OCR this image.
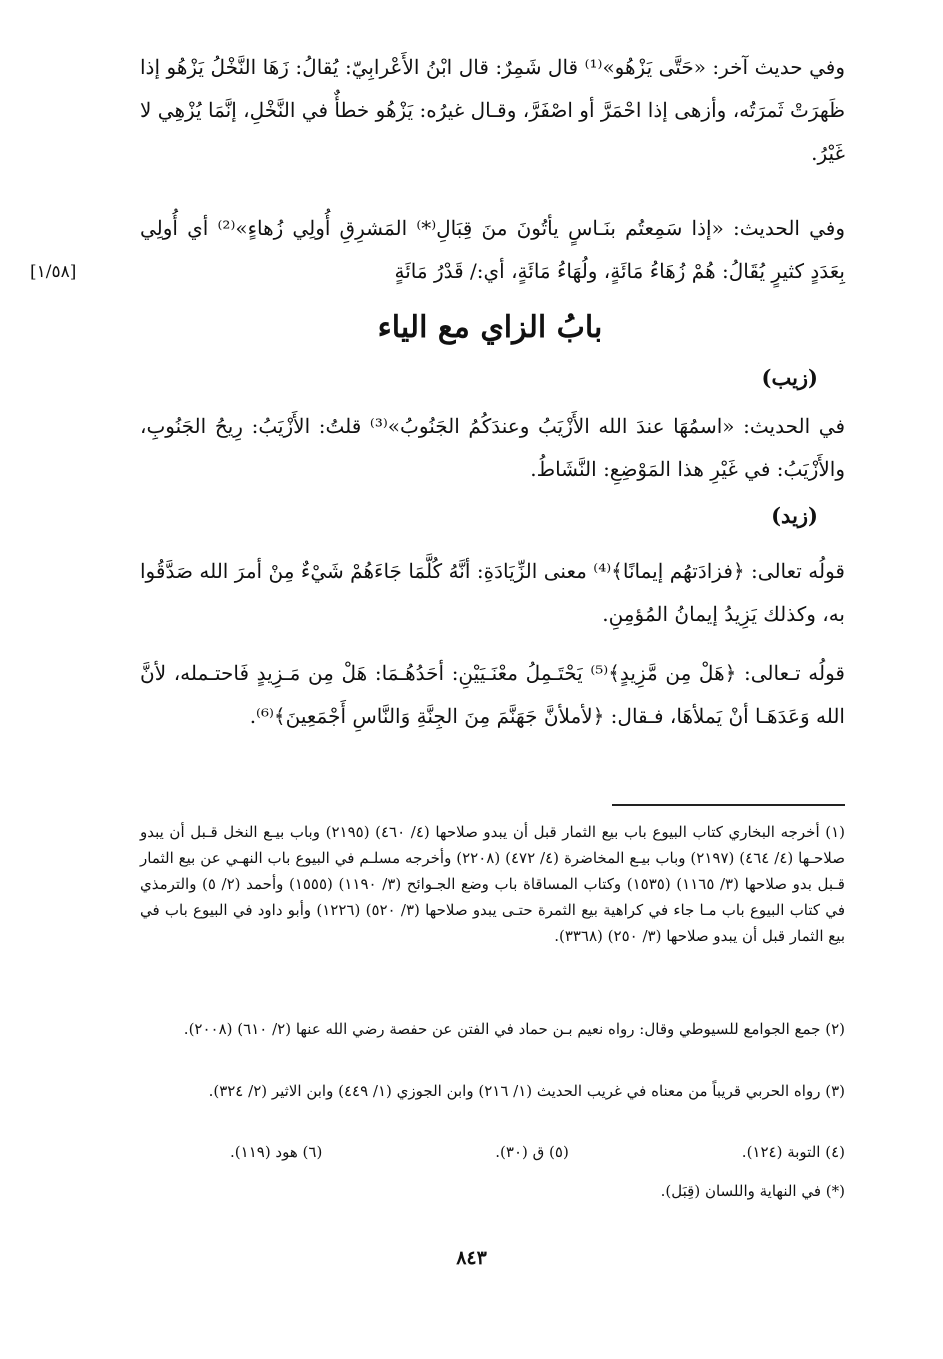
وفي حديث آخر: «حَتَّى يَزْهُو»⁽¹⁾ قال شَمِرٌ: قال ابْنُ الأَعْرابِيّ: يُقالُ: زَهَا النَّخْلُ يَزْهُو إذا ظَهرَتْ ثَمرَتُه، وأزهى إذا احْمَرَّ أو اصْفَرَّ، وقـال غيرُه: يَزْهُو خطأٌ في النَّخْلِ، إنَّمَا يُزْهِي لا غَيْرُ.

وفي الحديث: «إذا سَمِعتُم بنَـاسٍ يأتُونَ منَ قِبَالِ⁽*⁾ المَشرِقِ أُولِي زُهاءٍ»⁽²⁾ أي أُولِي بِعَدَدٍ كثيرٍ يُقَالُ: هُمْ زُهَاءُ مَائَةٍ، ولُهَاءُ مَائَةٍ، أي:/ قَدْرُ مَائَةٍ

[١/٥٨]
بابُ الزاي مع الياء
(زيب)

في الحديث: «اسمُهَا عندَ الله الأَزْيَبُ وعندَكُمُ الجَنُوبُ»⁽³⁾ قلتُ: الأَزْيَبُ: رِيحُ الجَنُوبِ، والأَزْيَبُ: في غَيْرِ هذا المَوْضِعِ: النَّشَاطُ.

(زيد)

قولُه تعالى: ﴿فزادَتهُم إيمانًا﴾⁽⁴⁾ معنى الزِّيَادَةِ: أنَّهُ كُلَّمَا جَاءَهُمْ شَيْءٌ مِنْ أمرَ الله صَدَّقُوا به، وكذلك يَزِيدُ إيمانُ المُؤمِنِ.

قولُه تـعالى: ﴿هَلْ مِن مَّزِيدٍ﴾⁽⁵⁾ يَحْتَـمِلُ معْنَـيَيْنِ: أحَدُهُـمَا: هَلْ مِن مَـزِيدٍ فَاحتـمله، لأنَّ الله وَعَدَهَـا أنْ يَملأهَا، فـقال: ﴿لأملأنَّ جَهَنَّمَ مِنَ الجِنَّةِ وَالنَّاسِ أَجْمَعِينَ﴾⁽⁶⁾.

(١) أخرجه البخاري كتاب البيوع باب بيع الثمار قبل أن يبدو صلاحها (٤/ ٤٦٠) (٢١٩٥) وباب بيـع النخل قـبل أن يبدو صلاحـها (٤/ ٤٦٤) (٢١٩٧) وباب بيـع المخاضرة (٤/ ٤٧٢) (٢٢٠٨) وأخرجه مسلـم في البيوع باب النهـي عن بيع الثمار قـبل بدو صلاحها (٣/ ١١٦٥) (١٥٣٥) وكتاب المساقاة باب وضع الجـوائح (٣/ ١١٩٠) (١٥٥٥) وأحمد (٢/ ٥) والترمذي في كتاب البيوع باب مـا جاء في كراهية بيع الثمرة حتـى يبدو صلاحها (٣/ ٥٢٠) (١٢٢٦) وأبو داود في البيوع باب في بيع الثمار قبل أن يبدو صلاحها (٣/ ٢٥٠) (٣٣٦٨).

(٢) جمع الجوامع للسيوطي وقال: رواه نعيم بـن حماد في الفتن عن حفصة رضي الله عنها (٢/ ٦١٠) (٢٠٠٨).

(٣) رواه الحربي قريباً من معناه في غريب الحديث (١/ ٢١٦) وابن الجوزي (١/ ٤٤٩) وابن الاثير (٢/ ٣٢٤).

(٤) التوبة (١٢٤).
(٥) ق (٣٠).
(٦) هود (١١٩).

(*) في النهاية واللسان (قِبَل).

٨٤٣
